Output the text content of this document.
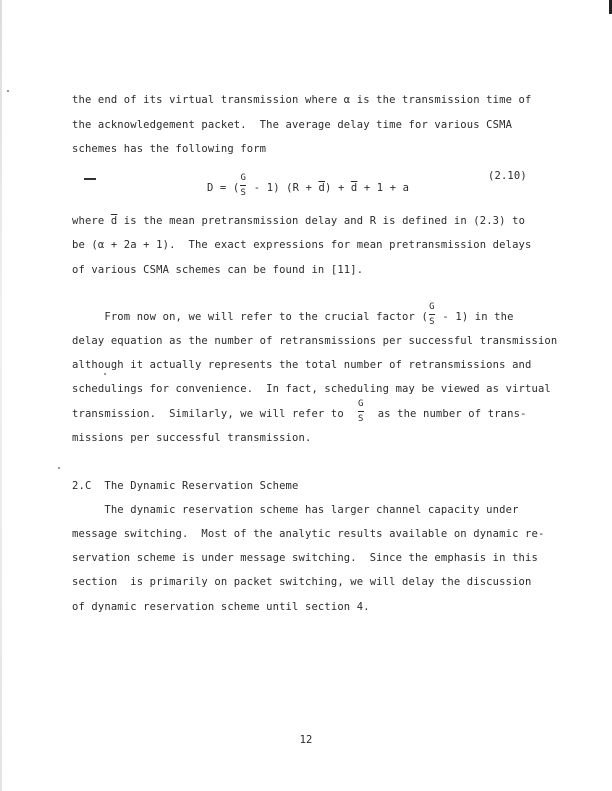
the end of its virtual transmission where α is the transmission time of
the acknowledgement packet.  The average delay time for various CSMA
schemes has the following form

D = ( $\frac{G}{S} - 1$) $(R + \overline{d}) + \overline{d} + 1 + a$

(2.10)
where $\overline{d}$ is the mean pretransmission delay and R is defined in (2.3) to
be (α + 2a + 1).  The exact expressions for mean pretransmission delays
of various CSMA schemes can be found in [11].
From now on, we will refer to the crucial factor ( $\frac{G}{S} - 1$) in the
delay equation as the number of retransmissions per successful transmission
although it actually represents the total number of retransmissions and
schedulings for convenience.  In fact, scheduling may be viewed as virtual
transmission.  Similarly, we will refer to $\frac{G}{S}$ as the number of trans-
missions per successful transmission.
2.C  The Dynamic Reservation Scheme
The dynamic reservation scheme has larger channel capacity under
message switching.  Most of the analytic results available on dynamic re-
servation scheme is under message switching.  Since the emphasis in this
section  is primarily on packet switching, we will delay the discussion
of dynamic reservation scheme until section 4.
12
